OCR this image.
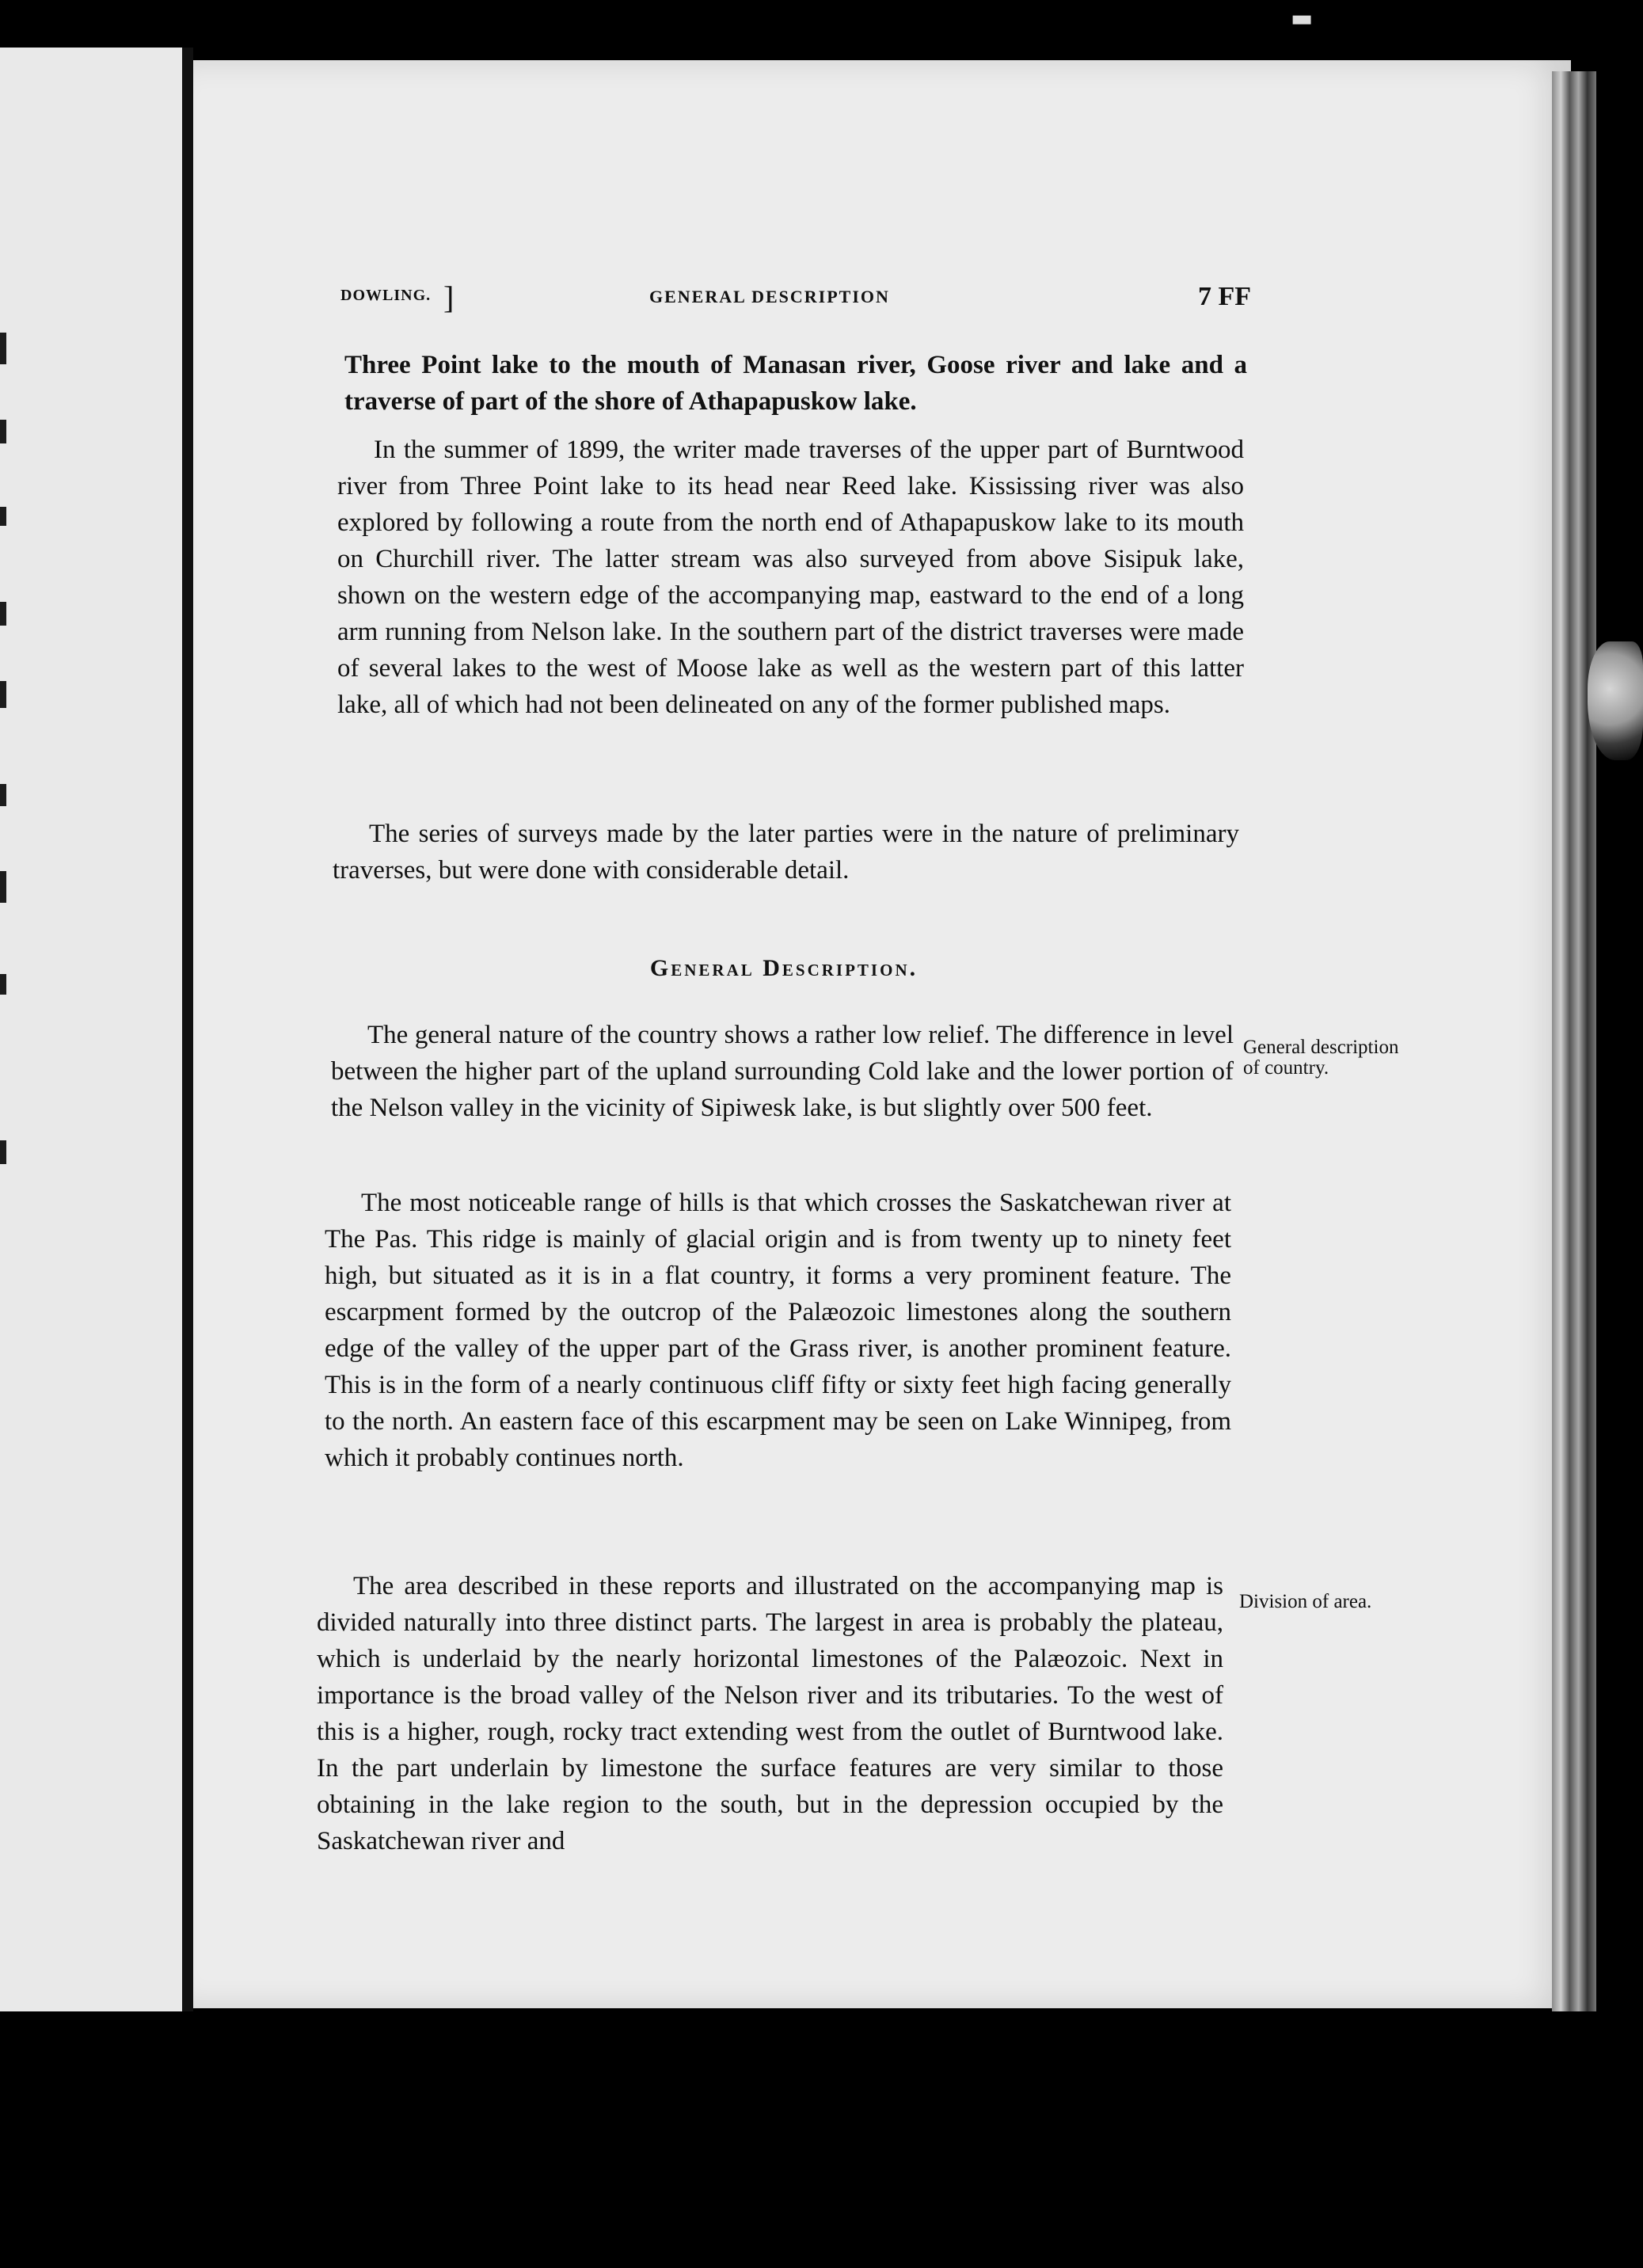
▬
DOWLING. ]	GENERAL DESCRIPTION	7 FF
Three Point lake to the mouth of Manasan river, Goose river and lake and a traverse of part of the shore of Athapapuskow lake.
In the summer of 1899, the writer made traverses of the upper part of Burntwood river from Three Point lake to its head near Reed lake. Kississing river was also explored by following a route from the north end of Athapapuskow lake to its mouth on Churchill river. The latter stream was also surveyed from above Sisipuk lake, shown on the western edge of the accompanying map, eastward to the end of a long arm running from Nelson lake. In the southern part of the district traverses were made of several lakes to the west of Moose lake as well as the western part of this latter lake, all of which had not been delineated on any of the former published maps.
The series of surveys made by the later parties were in the nature of preliminary traverses, but were done with considerable detail.
General Description.
The general nature of the country shows a rather low relief. The difference in level between the higher part of the upland surrounding Cold lake and the lower portion of the Nelson valley in the vicinity of Sipiwesk lake, is but slightly over 500 feet.
General description of country.
The most noticeable range of hills is that which crosses the Saskatchewan river at The Pas. This ridge is mainly of glacial origin and is from twenty up to ninety feet high, but situated as it is in a flat country, it forms a very prominent feature. The escarpment formed by the outcrop of the Palæozoic limestones along the southern edge of the valley of the upper part of the Grass river, is another prominent feature. This is in the form of a nearly continuous cliff fifty or sixty feet high facing generally to the north. An eastern face of this escarpment may be seen on Lake Winnipeg, from which it probably continues north.
The area described in these reports and illustrated on the accompanying map is divided naturally into three distinct parts. The largest in area is probably the plateau, which is underlaid by the nearly horizontal limestones of the Palæozoic. Next in importance is the broad valley of the Nelson river and its tributaries. To the west of this is a higher, rough, rocky tract extending west from the outlet of Burntwood lake. In the part underlain by limestone the surface features are very similar to those obtaining in the lake region to the south, but in the depression occupied by the Saskatchewan river and
Division of area.
